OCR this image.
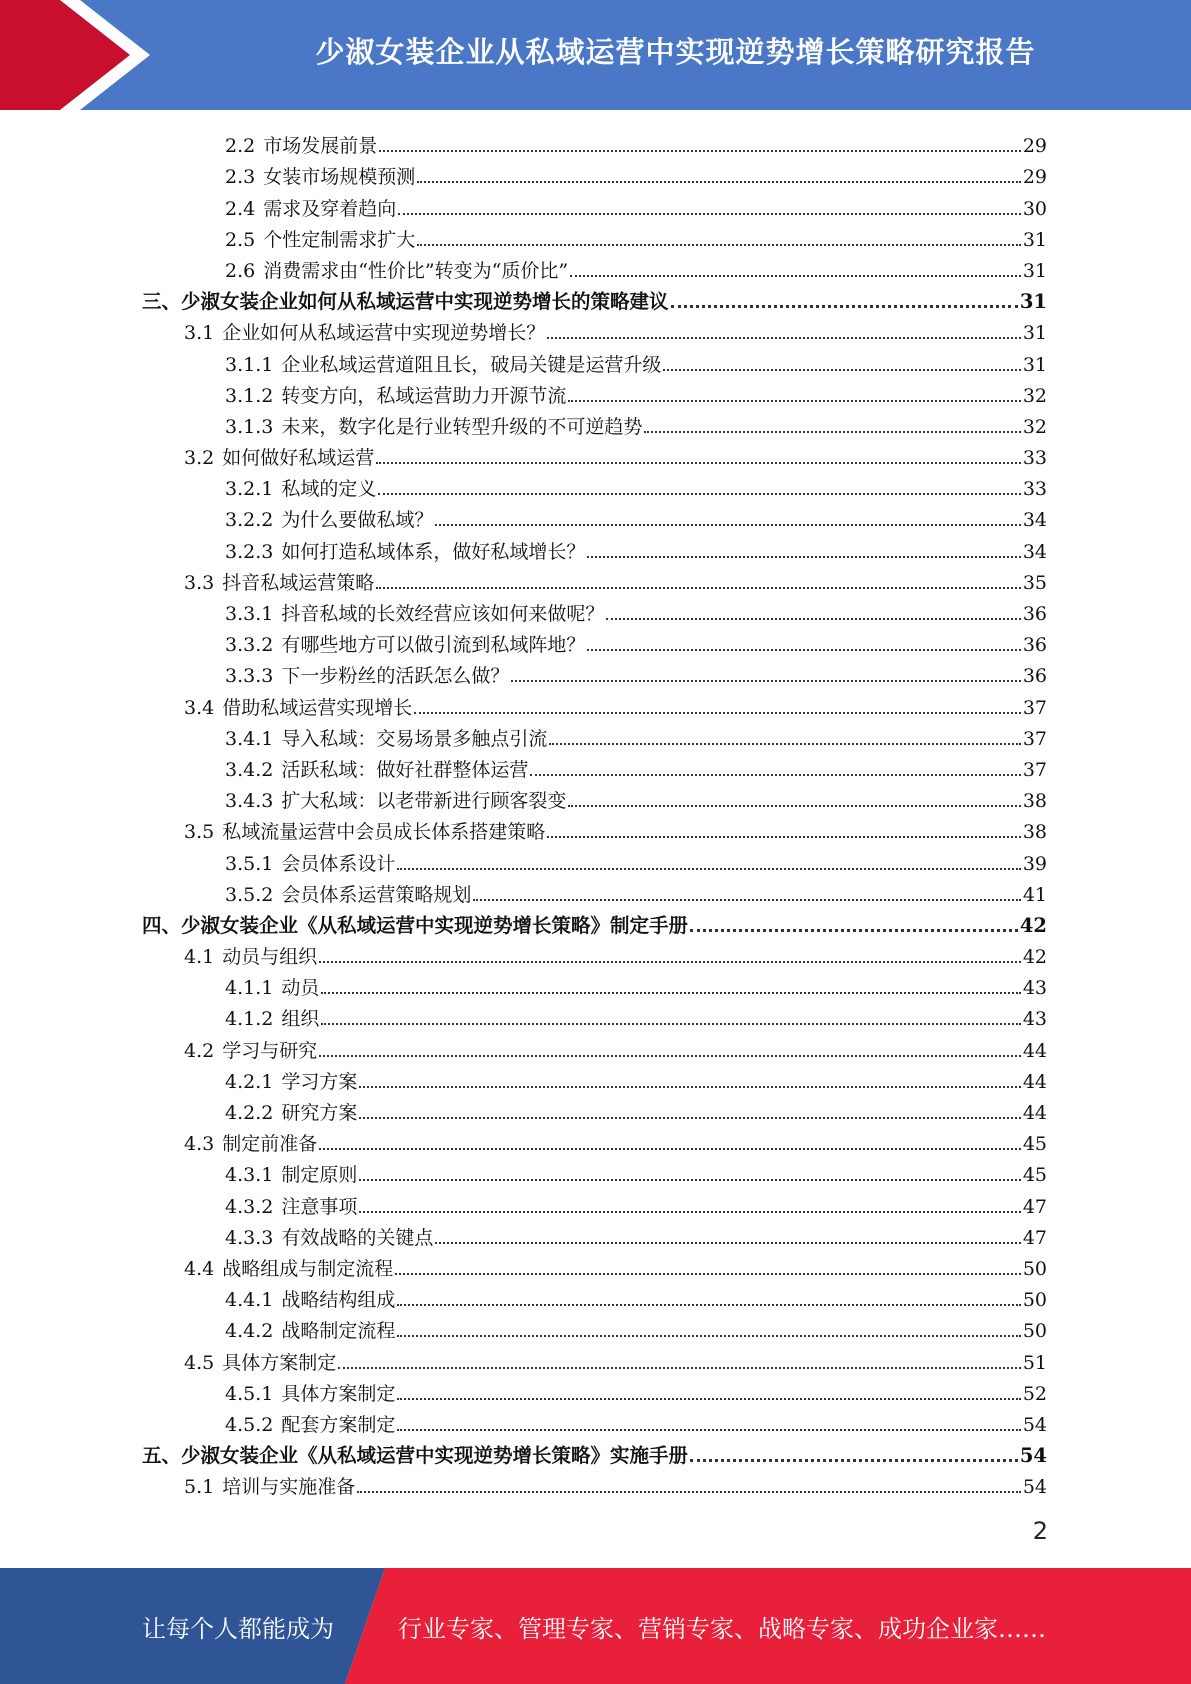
少淑女装企业从私域运营中实现逆势增长策略研究报告
2.2 市场发展前景	29
2.3 女装市场规模预测	29
2.4 需求及穿着趋向	30
2.5 个性定制需求扩大	31
2.6 消费需求由“性价比”转变为“质价比”	31
三、少淑女装企业如何从私域运营中实现逆势增长的策略建议	31
3.1 企业如何从私域运营中实现逆势增长？	31
3.1.1 企业私域运营道阻且长，破局关键是运营升级	31
3.1.2 转变方向，私域运营助力开源节流	32
3.1.3 未来，数字化是行业转型升级的不可逆趋势	32
3.2 如何做好私域运营	33
3.2.1 私域的定义	33
3.2.2 为什么要做私域？	34
3.2.3 如何打造私域体系，做好私域增长？	34
3.3 抖音私域运营策略	35
3.3.1 抖音私域的长效经营应该如何来做呢？	36
3.3.2 有哪些地方可以做引流到私域阵地？	36
3.3.3 下一步粉丝的活跃怎么做？	36
3.4 借助私域运营实现增长	37
3.4.1 导入私域：交易场景多触点引流	37
3.4.2 活跃私域：做好社群整体运营	37
3.4.3 扩大私域：以老带新进行顾客裂变	38
3.5 私域流量运营中会员成长体系搭建策略	38
3.5.1 会员体系设计	39
3.5.2 会员体系运营策略规划	41
四、少淑女装企业《从私域运营中实现逆势增长策略》制定手册	42
4.1 动员与组织	42
4.1.1 动员	43
4.1.2 组织	43
4.2 学习与研究	44
4.2.1 学习方案	44
4.2.2 研究方案	44
4.3 制定前准备	45
4.3.1 制定原则	45
4.3.2 注意事项	47
4.3.3 有效战略的关键点	47
4.4 战略组成与制定流程	50
4.4.1 战略结构组成	50
4.4.2 战略制定流程	50
4.5 具体方案制定	51
4.5.1 具体方案制定	52
4.5.2 配套方案制定	54
五、少淑女装企业《从私域运营中实现逆势增长策略》实施手册	54
5.1 培训与实施准备	54
2
让每个人都能成为	行业专家、管理专家、营销专家、战略专家、成功企业家……
